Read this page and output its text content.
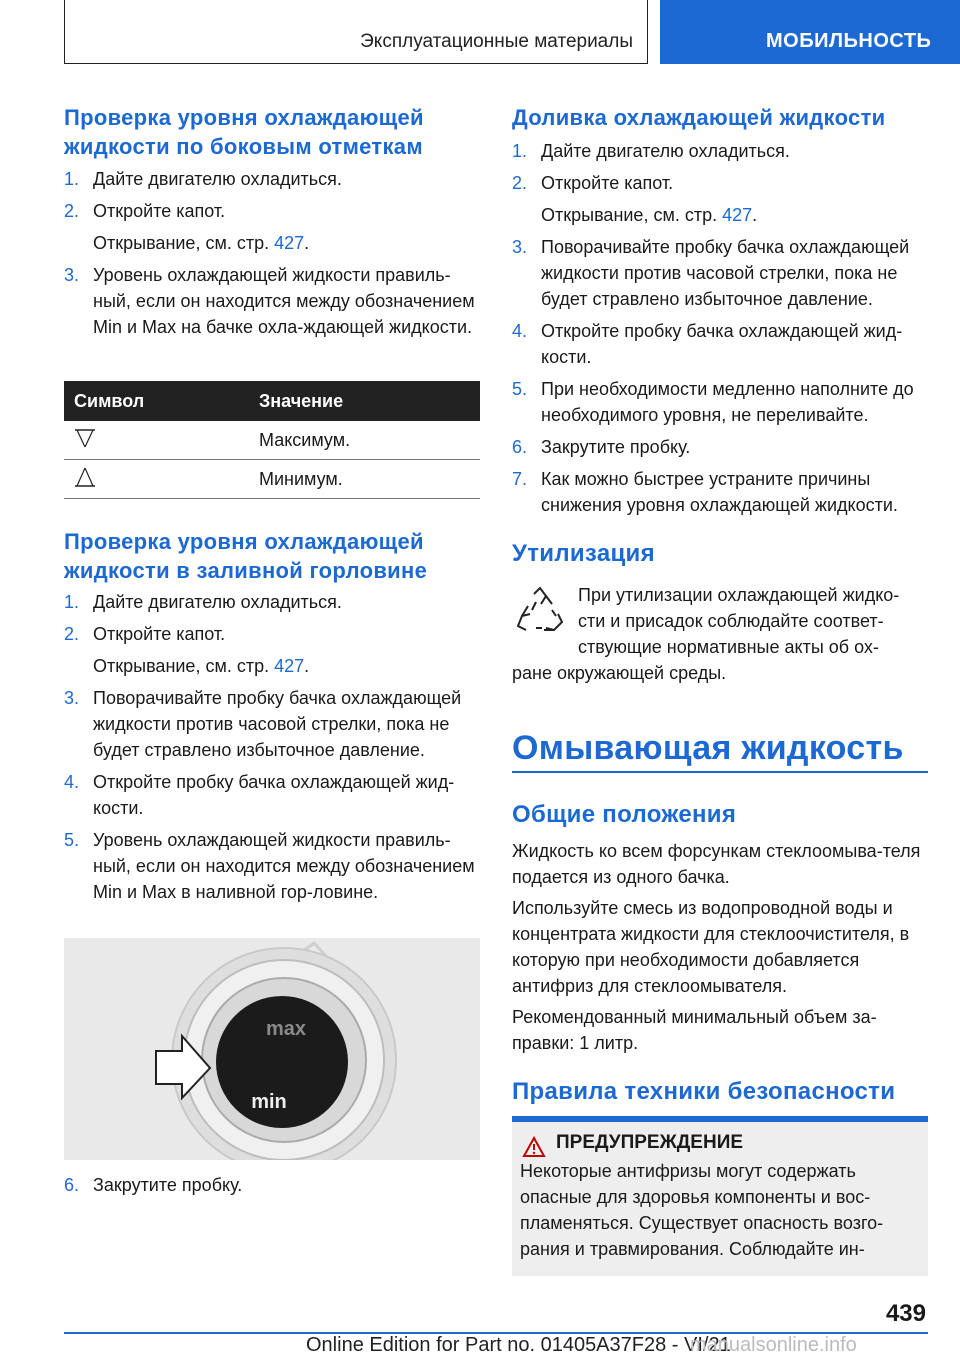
Эксплуатационные материалы	МОБИЛЬНОСТЬ
Проверка уровня охлаждающей жидкости по боковым отметкам
1. Дайте двигателю охладиться.
2. Откройте капот.
Открывание, см. стр. 427.
3. Уровень охлаждающей жидкости правиль-ный, если он находится между обозначением Min и Max на бачке охла-ждающей жидкости.
Символ	Значение
	Максимум.
	Минимум.
Проверка уровня охлаждающей жидкости в заливной горловине
1. Дайте двигателю охладиться.
2. Откройте капот.
Открывание, см. стр. 427.
3. Поворачивайте пробку бачка охлаждающей жидкости против часовой стрелки, пока не будет стравлено избыточное давление.
4. Откройте пробку бачка охлаждающей жид-кости.
5. Уровень охлаждающей жидкости правиль-ный, если он находится между обозначением Min и Max в наливной гор-ловине.
max
min
6. Закрутите пробку.
Доливка охлаждающей жидкости
1. Дайте двигателю охладиться.
2. Откройте капот.
Открывание, см. стр. 427.
3. Поворачивайте пробку бачка охлаждающей жидкости против часовой стрелки, пока не будет стравлено избыточное давление.
4. Откройте пробку бачка охлаждающей жид-кости.
5. При необходимости медленно наполните до необходимого уровня, не переливайте.
6. Закрутите пробку.
7. Как можно быстрее устраните причины снижения уровня охлаждающей жидкости.
Утилизация

При утилизации охлаждающей жидко-

сти и присадок соблюдайте соответ-

ствующие нормативные акты об ох-

ране окружающей среды.

Омывающая жидкость
Общие положения

Жидкость ко всем форсункам стеклоомыва-теля подается из одного бачка.

Используйте смесь из водопроводной воды и концентрата жидкости для стеклоочистителя, в которую при необходимости добавляется антифриз для стеклоомывателя.

Рекомендованный минимальный объем за-правки: 1 литр.

Правила техники безопасности
ПРЕДУПРЕЖДЕНИЕ
Некоторые антифризы могут содержать опасные для здоровья компоненты и вос-пламеняться. Существует опасность возго-рания и травмирования. Соблюдайте ин-
439
Online Edition for Part no. 01405A37F28 - VI/21
manualsonline.info
